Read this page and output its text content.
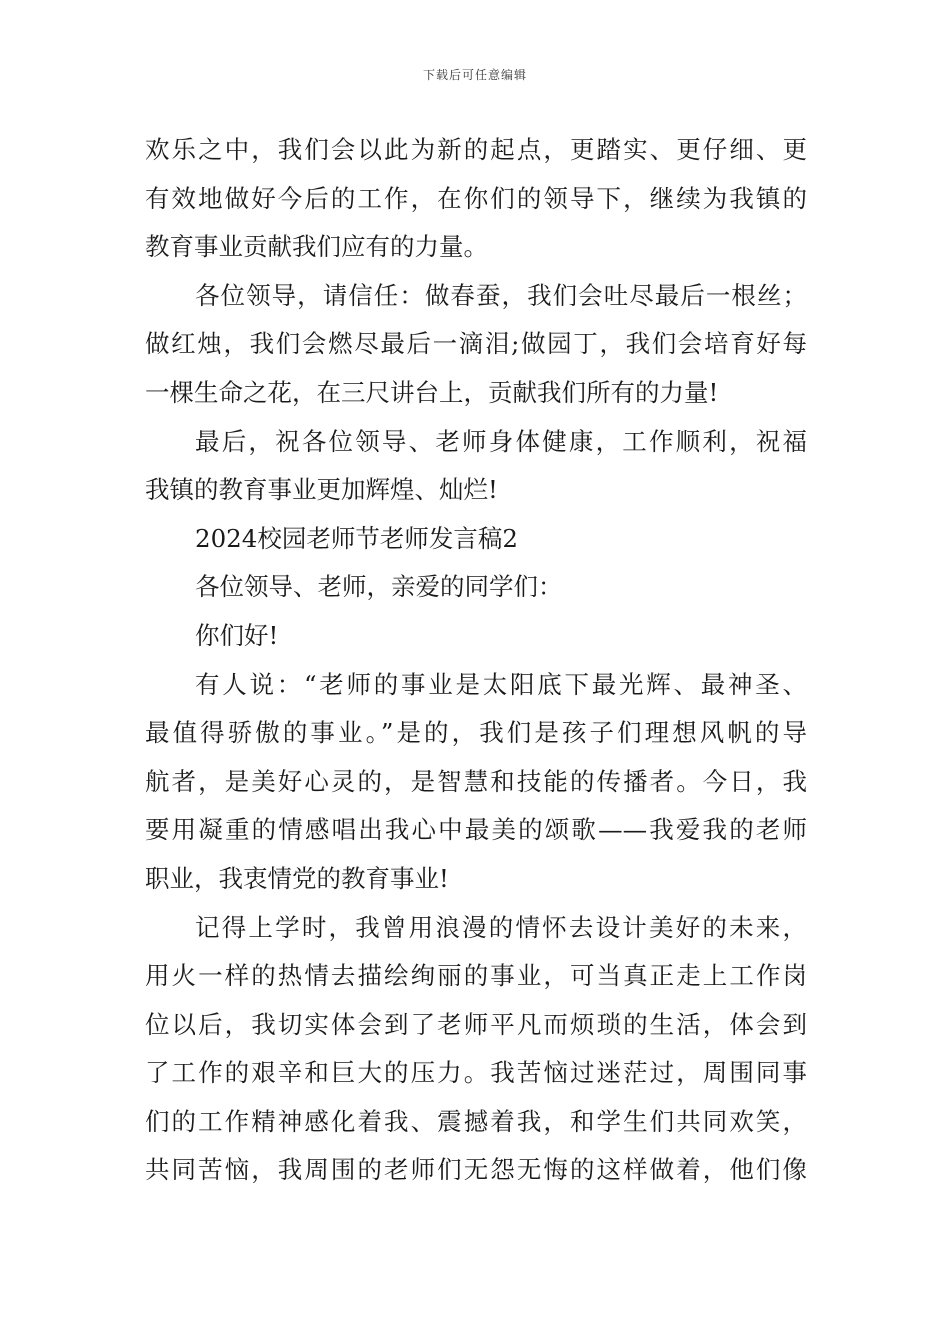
下载后可任意编辑
欢乐之中，我们会以此为新的起点，更踏实、更仔细、更
有效地做好今后的工作，在你们的领导下，继续为我镇的
教育事业贡献我们应有的力量。
各位领导，请信任：做春蚕，我们会吐尽最后一根丝；
做红烛，我们会燃尽最后一滴泪;做园丁，我们会培育好每
一棵生命之花，在三尺讲台上，贡献我们所有的力量!
最后，祝各位领导、老师身体健康，工作顺利，祝福
我镇的教育事业更加辉煌、灿烂!
2024校园老师节老师发言稿2
各位领导、老师，亲爱的同学们：
你们好!
有人说：“老师的事业是太阳底下最光辉、最神圣、
最值得骄傲的事业。”是的，我们是孩子们理想风帆的导
航者，是美好心灵的，是智慧和技能的传播者。今日，我
要用凝重的情感唱出我心中最美的颂歌——我爱我的老师
职业，我衷情党的教育事业!
记得上学时，我曾用浪漫的情怀去设计美好的未来，
用火一样的热情去描绘绚丽的事业，可当真正走上工作岗
位以后，我切实体会到了老师平凡而烦琐的生活，体会到
了工作的艰辛和巨大的压力。我苦恼过迷茫过，周围同事
们的工作精神感化着我、震撼着我，和学生们共同欢笑，
共同苦恼，我周围的老师们无怨无悔的这样做着，他们像
